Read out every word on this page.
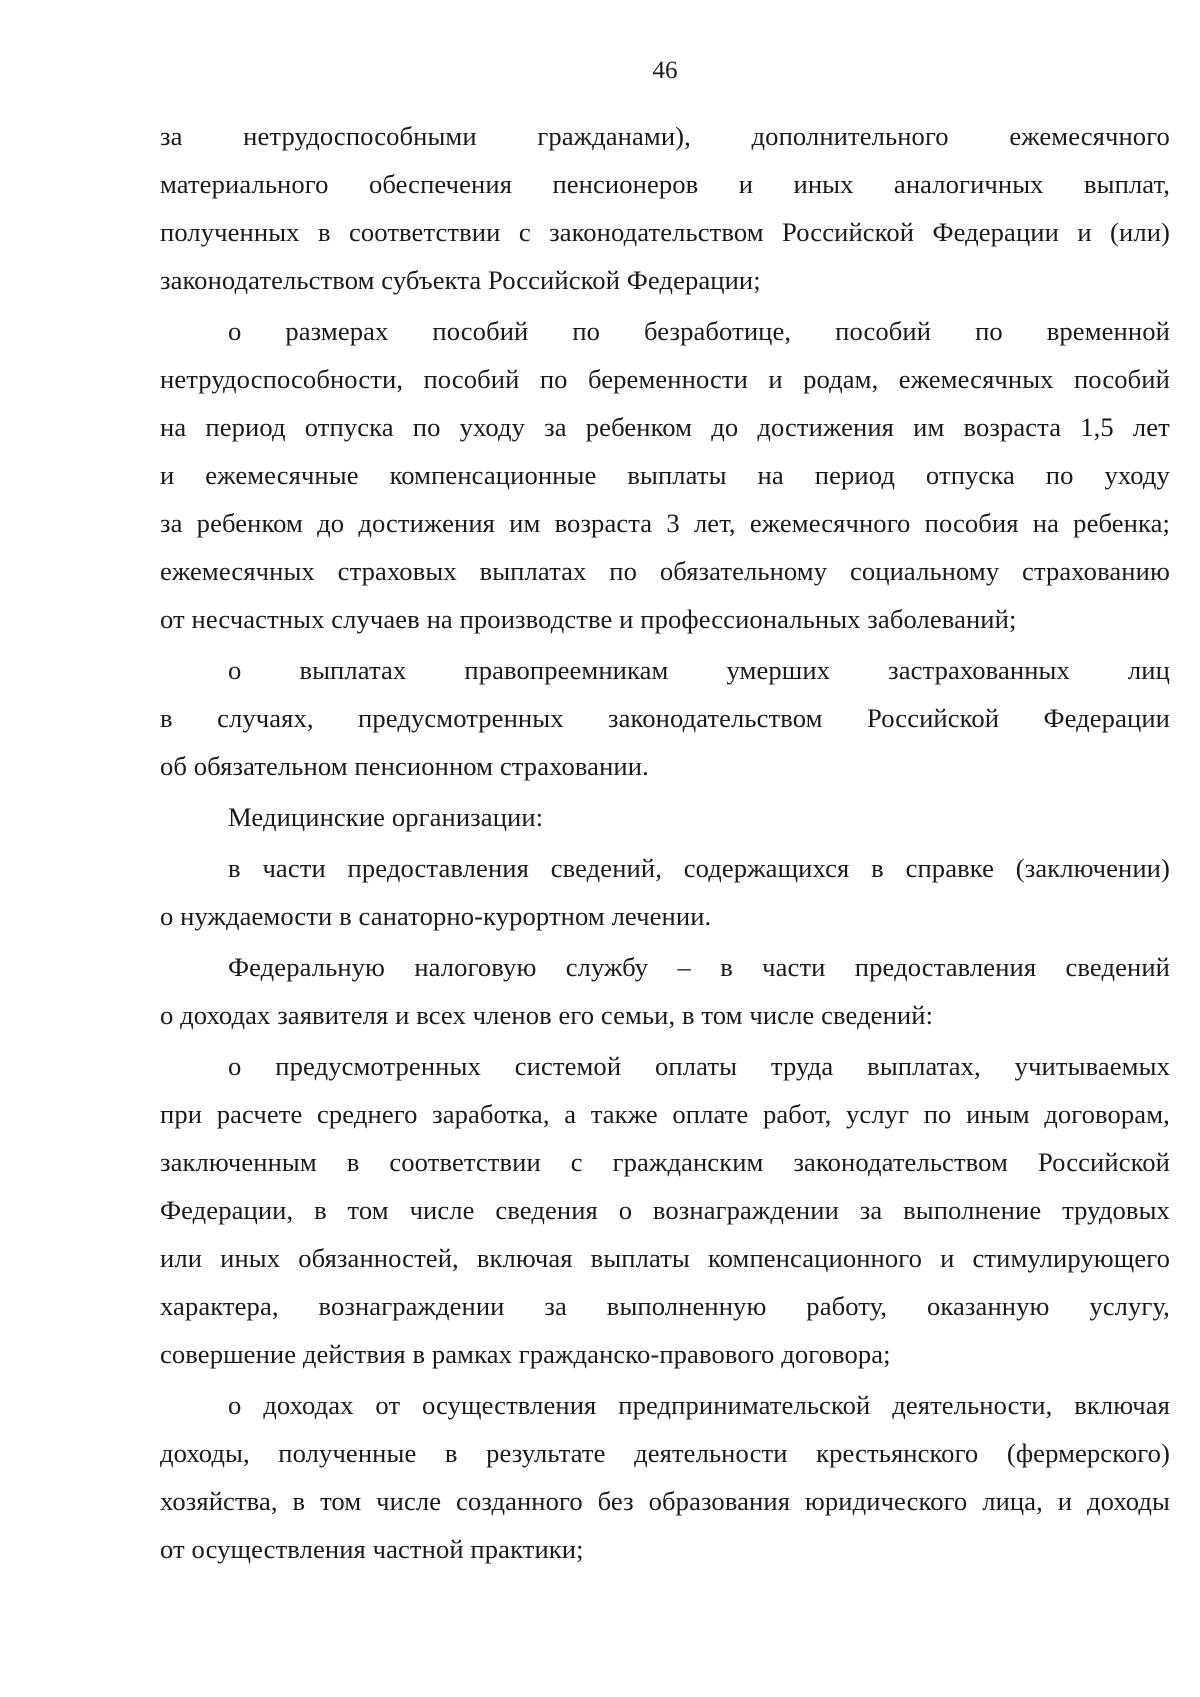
46
за нетрудоспособными гражданами), дополнительного ежемесячного
материального обеспечения пенсионеров и иных аналогичных выплат,
полученных в соответствии с законодательством Российской Федерации и (или)
законодательством субъекта Российской Федерации;
о размерах пособий по безработице, пособий по временной
нетрудоспособности, пособий по беременности и родам, ежемесячных пособий
на период отпуска по уходу за ребенком до достижения им возраста 1,5 лет
и ежемесячные компенсационные выплаты на период отпуска по уходу
за ребенком до достижения им возраста 3 лет, ежемесячного пособия на ребенка;
ежемесячных страховых выплатах по обязательному социальному страхованию
от несчастных случаев на производстве и профессиональных заболеваний;
о выплатах правопреемникам умерших застрахованных лиц
в случаях, предусмотренных законодательством Российской Федерации
об обязательном пенсионном страховании.
Медицинские организации:
в части предоставления сведений, содержащихся в справке (заключении)
о нуждаемости в санаторно-курортном лечении.
Федеральную налоговую службу – в части предоставления сведений
о доходах заявителя и всех членов его семьи, в том числе сведений:
о предусмотренных системой оплаты труда выплатах, учитываемых
при расчете среднего заработка, а также оплате работ, услуг по иным договорам,
заключенным в соответствии с гражданским законодательством Российской
Федерации, в том числе сведения о вознаграждении за выполнение трудовых
или иных обязанностей, включая выплаты компенсационного и стимулирующего
характера, вознаграждении за выполненную работу, оказанную услугу,
совершение действия в рамках гражданско-правового договора;
о доходах от осуществления предпринимательской деятельности, включая
доходы, полученные в результате деятельности крестьянского (фермерского)
хозяйства, в том числе созданного без образования юридического лица, и доходы
от осуществления частной практики;
